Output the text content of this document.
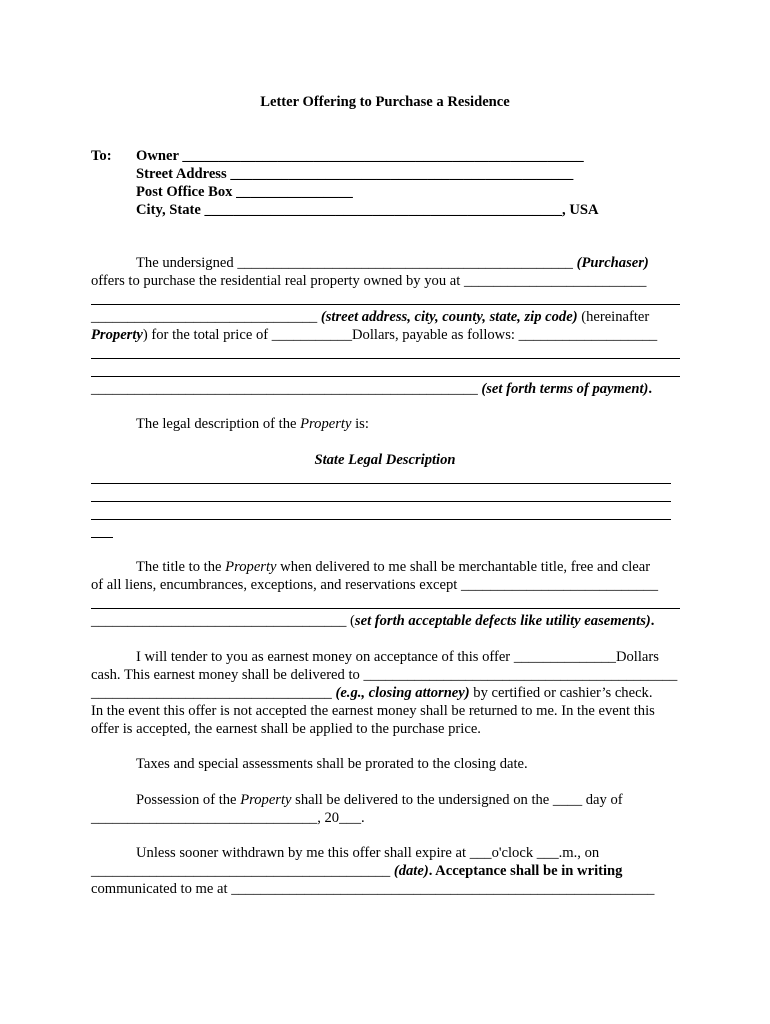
Letter Offering to Purchase a Residence
To: Owner _______________________________________________________
Street Address _______________________________________________
Post Office Box ________________
City, State _________________________________________________, USA
The undersigned ______________________________________________ (Purchaser)
offers to purchase the residential real property owned by you at _________________________
_______________________________ (street address, city, county, state, zip code) (hereinafter
Property) for the total price of ___________Dollars, payable as follows: ___________________
_____________________________________________________ (set forth terms of payment).
The legal description of the Property is:
State Legal Description
The title to the Property when delivered to me shall be merchantable title, free and clear
of all liens, encumbrances, exceptions, and reservations except ___________________________
___________________________________ (set forth acceptable defects like utility easements).
I will tender to you as earnest money on acceptance of this offer ______________Dollars
cash. This earnest money shall be delivered to ___________________________________________
_________________________________ (e.g., closing attorney) by certified or cashier’s check.
In the event this offer is not accepted the earnest money shall be returned to me. In the event this
offer is accepted, the earnest shall be applied to the purchase price.
Taxes and special assessments shall be prorated to the closing date.
Possession of the Property shall be delivered to the undersigned on the ____ day of
_______________________________, 20___.
Unless sooner withdrawn by me this offer shall expire at ___o'clock ___.m., on
_________________________________________ (date). Acceptance shall be in writing
communicated to me at __________________________________________________________
